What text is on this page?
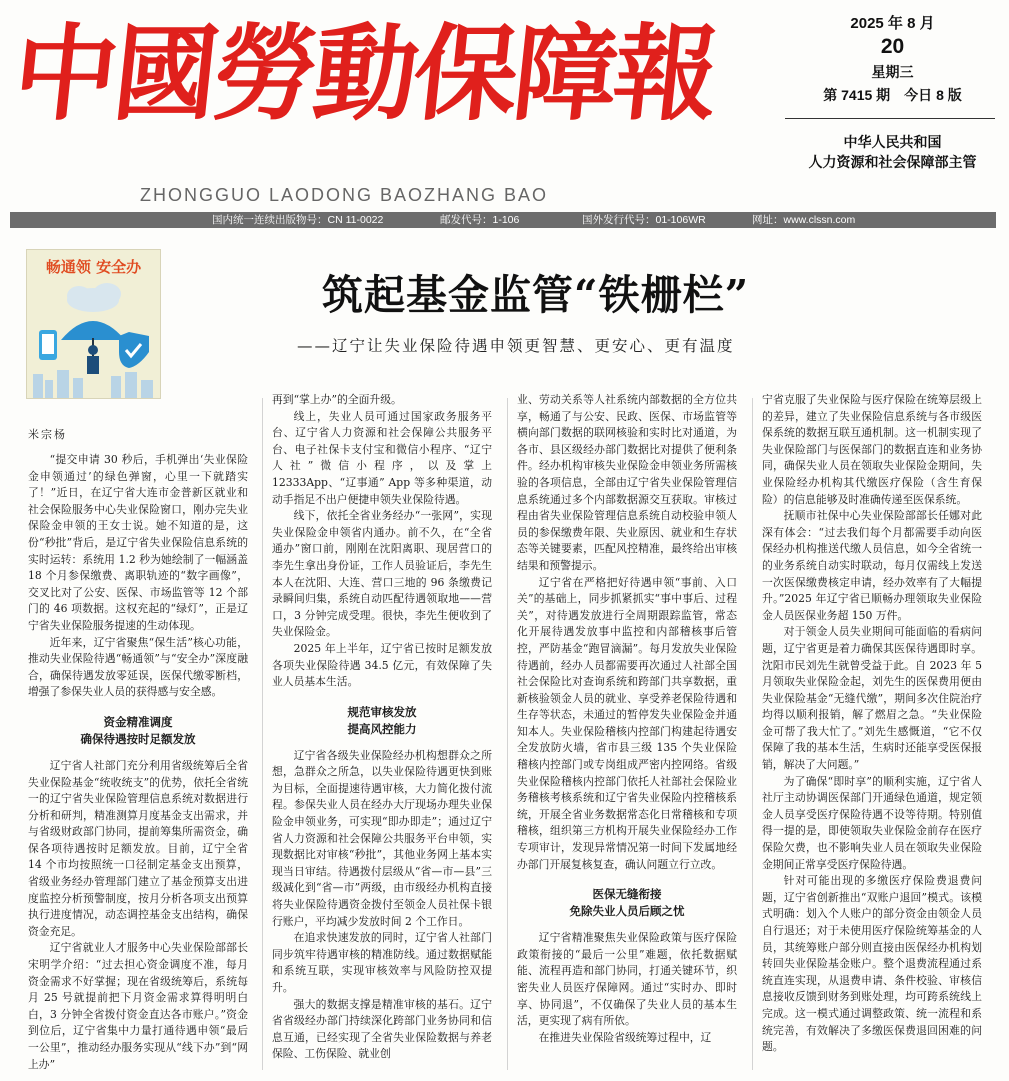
中國勞動保障報
ZHONGGUO LAODONG BAOZHANG BAO
2025 年 8 月
20
星期三
第 7415 期　今日 8 版
中华人民共和国
人力资源和社会保障部主管
国内统一连续出版物号：CN 11-0022	邮发代号：1-106	国外发行代号：01-106WR	网址：www.clssn.com
畅通领 安全办
筑起基金监管“铁栅栏”
——辽宁让失业保险待遇申领更智慧、更安心、更有温度
米宗杨

“提交申请 30 秒后，手机弹出‘失业保险金申领通过’的绿色弹窗，心里一下就踏实了！”近日，在辽宁省大连市金普新区就业和社会保险服务中心失业保险窗口，刚办完失业保险金申领的王女士说。她不知道的是，这份“秒批”背后，是辽宁省失业保险信息系统的实时运转：系统用 1.2 秒为她绘制了一幅涵盖 18 个月参保缴费、离职轨迹的“数字画像”，交叉比对了公安、医保、市场监管等 12 个部门的 46 项数据。这权充起的“绿灯”，正是辽宁省失业保险服务提速的生动体现。

近年来，辽宁省聚焦“保生活”核心功能，推动失业保险待遇“畅通领”与“安全办”深度融合，确保待遇发放零延误，医保代缴零断档，增强了参保失业人员的获得感与安全感。

资金精准调度
确保待遇按时足额发放

辽宁省人社部门充分利用省级统筹后全省失业保险基金“统收统支”的优势，依托全省统一的辽宁省失业保险管理信息系统对数据进行分析和研判，精准测算月度基金支出需求，并与省级财政部门协同，提前筹集所需资金，确保各项待遇按时足额发放。目前，辽宁全省 14 个市均按照统一口径制定基金支出预算，省级业务经办管理部门建立了基金预算支出进度监控分析预警制度，按月分析各项支出预算执行进度情况，动态调控基金支出结构，确保资金充足。

辽宁省就业人才服务中心失业保险部部长宋明学介绍：“过去担心资金调度不准，每月资金需求不好掌握；现在省级统筹后，系统每月 25 号就提前把下月资金需求算得明明白白，3 分钟全省拨付资金直达各市账户。”资金到位后，辽宁省集中力量打通待遇申领“最后一公里”，推动经办服务实现从“线下办”到“网上办”

再到“掌上办”的全面升级。

线上，失业人员可通过国家政务服务平台、辽宁省人力资源和社会保障公共服务平台、电子社保卡支付宝和微信小程序、“辽宁人社”微信小程序，以及掌上 12333App、“辽事通” App 等多种渠道，动动手指足不出户便捷申领失业保险待遇。

线下，依托全省业务经办“一张网”，实现失业保险金申领省内通办。前不久，在“全省通办”窗口前，刚刚在沈阳离职、现居营口的李先生拿出身份证，工作人员验证后，李先生本人在沈阳、大连、营口三地的 96 条缴费记录瞬间归集，系统自动匹配待遇领取地——营口，3 分钟完成受理。很快，李先生便收到了失业保险金。

2025 年上半年，辽宁省已按时足额发放各项失业保险待遇 34.5 亿元，有效保障了失业人员基本生活。

规范审核发放
提高风控能力

辽宁省各级失业保险经办机构想群众之所想，急群众之所急，以失业保险待遇更快到账为目标，全面提速待遇审核，大力简化拨付流程。参保失业人员在经办大厅现场办理失业保险金申领业务，可实现“即办即走”；通过辽宁省人力资源和社会保障公共服务平台申领，实现数据比对审核“秒批”，其他业务网上基本实现当日审结。待遇拨付层级从“省—市—县”三级减化到“省—市”两级，由市级经办机构直接将失业保险待遇资金拨付至领金人员社保卡银行账户，平均减少发放时间 2 个工作日。

在追求快速发放的同时，辽宁省人社部门同步筑牢待遇审核的精准防线。通过数据赋能和系统互联，实现审核效率与风险防控双提升。

强大的数据支撑是精准审核的基石。辽宁省省级经办部门持续深化跨部门业务协同和信息互通，已经实现了全省失业保险数据与养老保险、工伤保险、就业创

业、劳动关系等人社系统内部数据的全方位共享，畅通了与公安、民政、医保、市场监管等横向部门数据的联网核验和实时比对通道，为各市、县区级经办部门数据比对提供了便利条件。经办机构审核失业保险金申领业务所需核验的各项信息，全部由辽宁省失业保险管理信息系统通过多个内部数据源交互获取。审核过程由省失业保险管理信息系统自动校验申领人员的参保缴费年限、失业原因、就业和生存状态等关键要素，匹配风控精准，最终给出审核结果和预警提示。

辽宁省在严格把好待遇申领“事前、入口关”的基础上，同步抓紧抓实“事中事后、过程关”，对待遇发放进行全周期跟踪监管，常态化开展待遇发放事中监控和内部稽核事后管控，严防基金“跑冒滴漏”。每月发放失业保险待遇前，经办人员都需要再次通过人社部全国社会保险比对查询系统和跨部门共享数据，重新核验领金人员的就业、享受养老保险待遇和生存等状态，未通过的暂停发失业保险金并通知本人。失业保险稽核内控部门构建起待遇安全发放防火墙，省市县三级 135 个失业保险稽核内控部门或专岗组成严密内控网络。省级失业保险稽核内控部门依托人社部社会保险业务稽核考核系统和辽宁省失业保险内控稽核系统，开展全省业务数据常态化日常稽核和专项稽核，组织第三方机构开展失业保险经办工作专项审计，发现异常情况第一时间下发属地经办部门开展复核复查，确认问题立行立改。

医保无缝衔接
免除失业人员后顾之忧

辽宁省精准聚焦失业保险政策与医疗保险政策衔接的“最后一公里”难题，依托数据赋能、流程再造和部门协同，打通关键环节，织密失业人员医疗保障网。通过“实时办、即时享、协同退”，不仅确保了失业人员的基本生活，更实现了病有所依。

在推进失业保险省级统筹过程中，辽

宁省克服了失业保险与医疗保险在统筹层级上的差异，建立了失业保险信息系统与各市级医保系统的数据互联互通机制。这一机制实现了失业保险部门与医保部门的数据直连和业务协同，确保失业人员在领取失业保险金期间，失业保险经办机构其代缴医疗保险（含生育保险）的信息能够及时准确传递至医保系统。

抚顺市社保中心失业保险部部长任娜对此深有体会：“过去我们每个月都需要手动向医保经办机构推送代缴人员信息，如今全省统一的业务系统自动实时联动，每月仅需线上发送一次医保缴费核定申请，经办效率有了大幅提升。”2025 年辽宁省已顺畅办理领取失业保险金人员医保业务超 150 万件。

对于领金人员失业期间可能面临的看病问题，辽宁省更是着力确保其医保待遇即时享。沈阳市民刘先生就曾受益于此。自 2023 年 5 月领取失业保险金起，刘先生的医保费用便由失业保险基金“无缝代缴”，期间多次住院治疗均得以顺利报销，解了燃眉之急。“失业保险金可帮了我大忙了。”刘先生感慨道，“它不仅保障了我的基本生活，生病时还能享受医保报销，解决了大问题。”

为了确保“即时享”的顺利实施，辽宁省人社厅主动协调医保部门开通绿色通道，规定领金人员享受医疗保险待遇不设等待期。特别值得一提的是，即使领取失业保险金前存在医疗保险欠费，也不影响失业人员在领取失业保险金期间正常享受医疗保险待遇。

针对可能出现的多缴医疗保险费退费问题，辽宁省创新推出“双账户退回”模式。该模式明确：划入个人账户的部分资金由领金人员自行退还；对于未使用医疗保险统筹基金的人员，其统筹账户部分则直接由医保经办机构划转回失业保险基金账户。整个退费流程通过系统直连实现，从退费申请、条件校验、审核信息接收反馈到财务到账处理，均可跨系统线上完成。这一模式通过调整政策、统一流程和系统完善，有效解决了多缴医保费退回困难的问题。
